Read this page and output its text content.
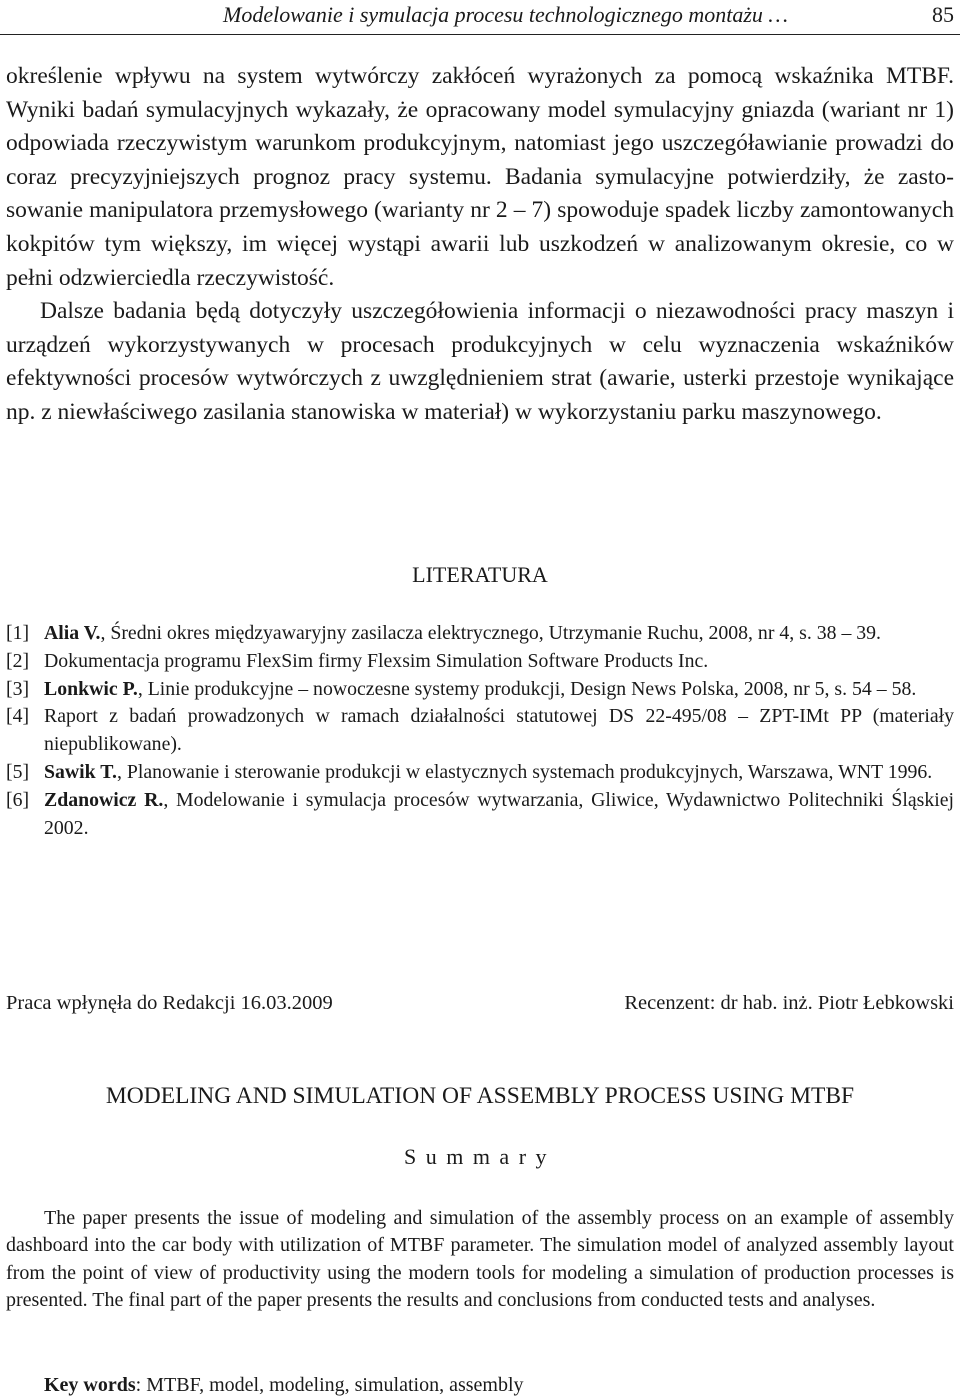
Modelowanie i symulacja procesu technologicznego montażu …	85

określenie wpływu na system wytwórczy zakłóceń wyrażonych za pomocą wskaźnika MTBF. Wyniki badań symulacyjnych wykazały, że opracowany model symulacyjny gniazda (wariant nr 1) odpowiada rzeczywistym warunkom produkcyjnym, natomiast jego uszczegóławianie prowadzi do coraz precyzyjniejszych prognoz pracy systemu. Badania symulacyjne potwierdziły, że zastosowanie manipulatora przemysłowego (warianty nr 2 – 7) spowoduje spadek liczby zamontowanych kokpitów tym większy, im więcej wystąpi awarii lub uszkodzeń w analizowanym okresie, co w pełni odzwierciedla rzeczywistość.

Dalsze badania będą dotyczyły uszczegółowienia informacji o niezawodności pracy maszyn i urządzeń wykorzystywanych w procesach produkcyjnych w celu wyznaczenia wskaźników efektywności procesów wytwórczych z uwzględnieniem strat (awarie, usterki przestoje wynikające np. z niewłaściwego zasilania stanowiska w materiał) w wykorzystaniu parku maszynowego.

LITERATURA
[1] Alia V., Średni okres międzyawaryjny zasilacza elektrycznego, Utrzymanie Ruchu, 2008, nr 4, s. 38 – 39.
[2] Dokumentacja programu FlexSim firmy Flexsim Simulation Software Products Inc.
[3] Lonkwic P., Linie produkcyjne – nowoczesne systemy produkcji, Design News Polska, 2008, nr 5, s. 54 – 58.
[4] Raport z badań prowadzonych w ramach działalności statutowej DS 22-495/08 – ZPT-IMt PP (materiały niepublikowane).
[5] Sawik T., Planowanie i sterowanie produkcji w elastycznych systemach produkcyjnych, Warszawa, WNT 1996.
[6] Zdanowicz R., Modelowanie i symulacja procesów wytwarzania, Gliwice, Wydawnictwo Politechniki Śląskiej 2002.
Praca wpłynęła do Redakcji 16.03.2009	Recenzent: dr hab. inż. Piotr Łebkowski
MODELING AND SIMULATION OF ASSEMBLY PROCESS USING MTBF
Summary
The paper presents the issue of modeling and simulation of the assembly process on an example of assembly dashboard into the car body with utilization of MTBF parameter. The simulation model of analyzed assembly layout from the point of view of productivity using the modern tools for modeling a simulation of production processes is presented. The final part of the paper presents the results and conclusions from conducted tests and analyses.
Key words: MTBF, model, modeling, simulation, assembly
